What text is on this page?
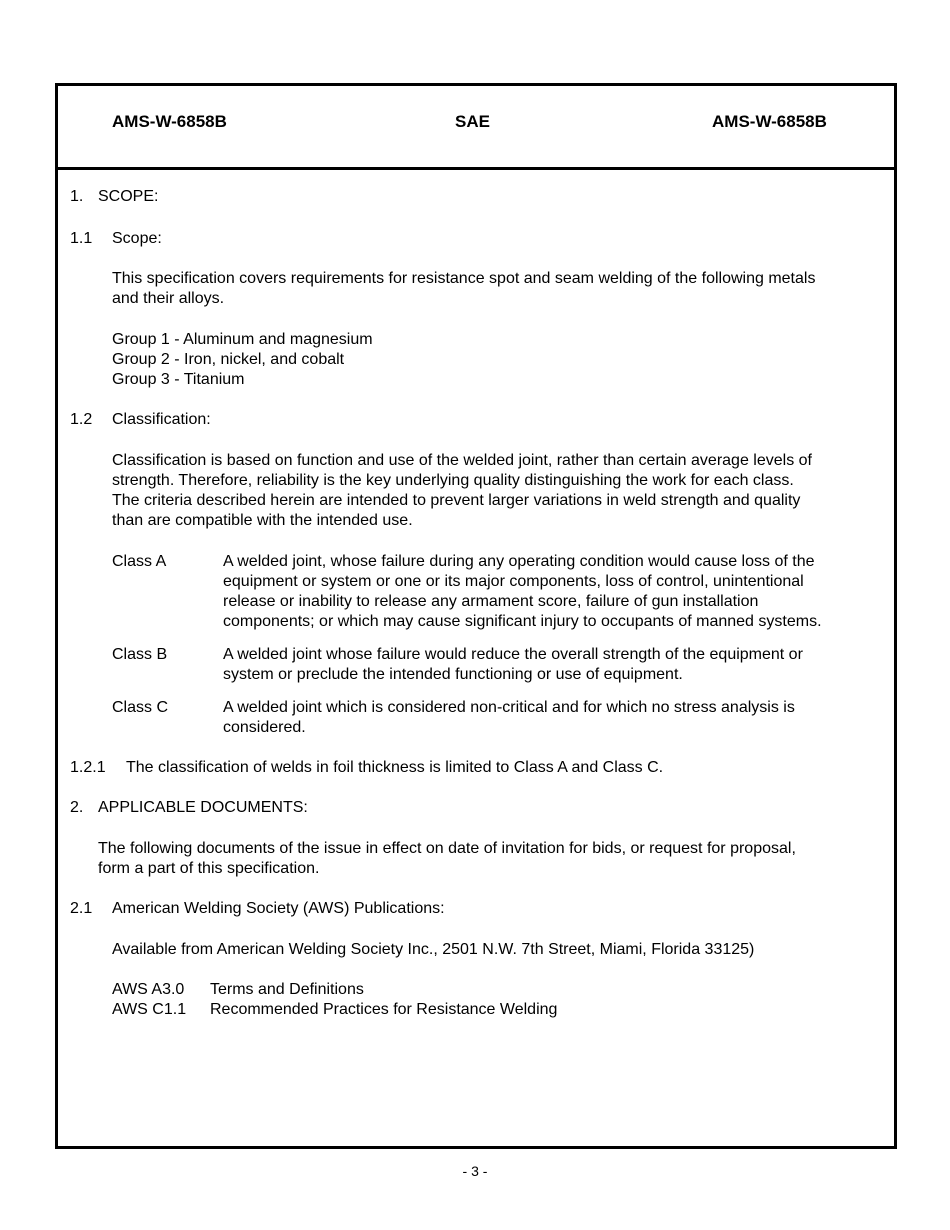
AMS-W-6858B	SAE	AMS-W-6858B
1. SCOPE:
1.1 Scope:
This specification covers requirements for resistance spot and seam welding of the following metals
and their alloys.
Group 1 - Aluminum and magnesium
Group 2 - Iron, nickel, and cobalt
Group 3 - Titanium
1.2 Classification:
Classification is based on function and use of the welded joint, rather than certain average levels of
strength. Therefore, reliability is the key underlying quality distinguishing the work for each class.
The criteria described herein are intended to prevent larger variations in weld strength and quality
than are compatible with the intended use.
Class A	A welded joint, whose failure during any operating condition would cause loss of the
equipment or system or one or its major components, loss of control, unintentional
release or inability to release any armament score, failure of gun installation
components; or which may cause significant injury to occupants of manned systems.
Class B	A welded joint whose failure would reduce the overall strength of the equipment or
system or preclude the intended functioning or use of equipment.
Class C	A welded joint which is considered non-critical and for which no stress analysis is
considered.
1.2.1 The classification of welds in foil thickness is limited to Class A and Class C.
2. APPLICABLE DOCUMENTS:
The following documents of the issue in effect on date of invitation for bids, or request for proposal,
form a part of this specification.
2.1 American Welding Society (AWS) Publications:
Available from American Welding Society Inc., 2501 N.W. 7th Street, Miami, Florida 33125)
AWS A3.0 Terms and Definitions
AWS C1.1 Recommended Practices for Resistance Welding
- 3 -
